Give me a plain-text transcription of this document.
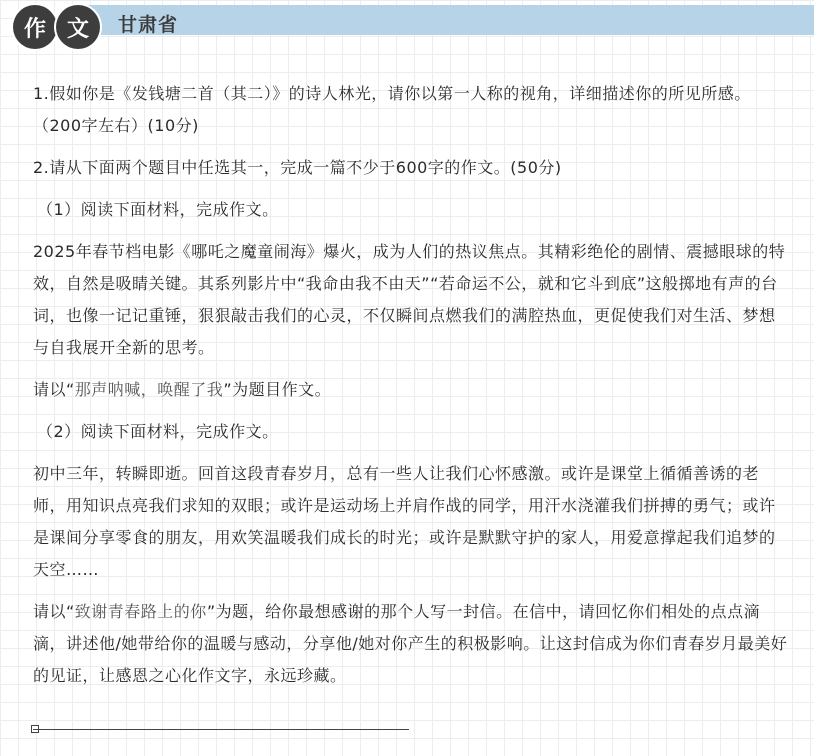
作 文	甘肃省

1.假如你是《发钱塘二首（其二）》的诗人林光，请你以第一人称的视角，详细描述你的所见所感。（200字左右）(10分)

2.请从下面两个题目中任选其一，完成一篇不少于600字的作文。(50分)

（1）阅读下面材料，完成作文。

2025年春节档电影《哪吒之魔童闹海》爆火，成为人们的热议焦点。其精彩绝伦的剧情、震撼眼球的特效，自然是吸睛关键。其系列影片中“我命由我不由天”“若命运不公，就和它斗到底”这般掷地有声的台词，也像一记记重锤，狠狠敲击我们的心灵，不仅瞬间点燃我们的满腔热血，更促使我们对生活、梦想与自我展开全新的思考。

请以“那声呐喊，唤醒了我”为题目作文。

（2）阅读下面材料，完成作文。

初中三年，转瞬即逝。回首这段青春岁月，总有一些人让我们心怀感激。或许是课堂上循循善诱的老师，用知识点亮我们求知的双眼；或许是运动场上并肩作战的同学，用汗水浇灌我们拼搏的勇气；或许是课间分享零食的朋友，用欢笑温暖我们成长的时光；或许是默默守护的家人，用爱意撑起我们追梦的天空……

请以“致谢青春路上的你”为题，给你最想感谢的那个人写一封信。在信中，请回忆你们相处的点点滴滴，讲述他/她带给你的温暖与感动，分享他/她对你产生的积极影响。让这封信成为你们青春岁月最美好的见证，让感恩之心化作文字，永远珍藏。
